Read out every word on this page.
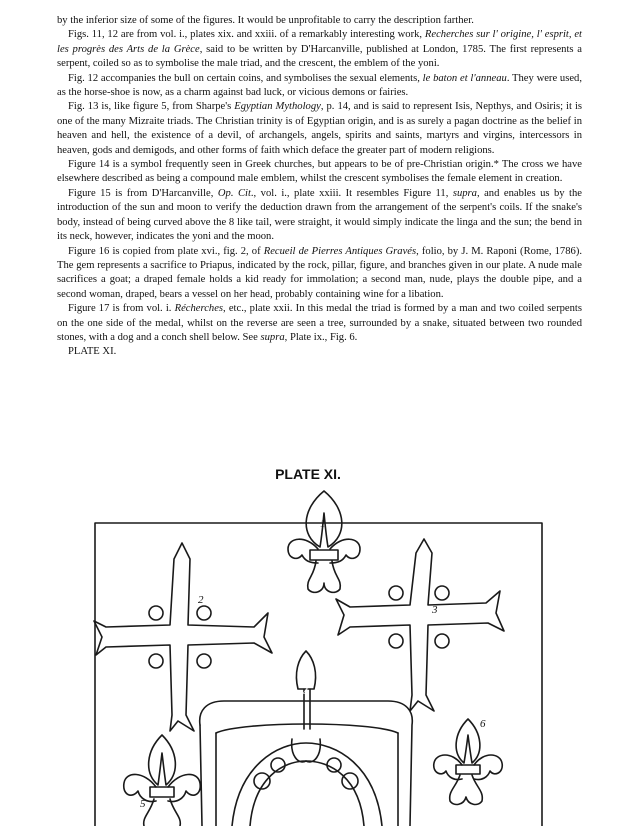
by the inferior size of some of the figures. It would be unprofitable to carry the description farther.

Figs. 11, 12 are from vol. i., plates xix. and xxiii. of a remarkably interesting work, Recherches sur l' origine, l' esprit, et les progrès des Arts de la Grèce, said to be written by D'Harcanville, published at London, 1785. The first represents a serpent, coiled so as to symbolise the male triad, and the crescent, the emblem of the yoni.

Fig. 12 accompanies the bull on certain coins, and symbolises the sexual elements, le baton et l'anneau. They were used, as the horse-shoe is now, as a charm against bad luck, or vicious demons or fairies.

Fig. 13 is, like figure 5, from Sharpe's Egyptian Mythology, p. 14, and is said to represent Isis, Nepthys, and Osiris; it is one of the many Mizraite triads. The Christian trinity is of Egyptian origin, and is as surely a pagan doctrine as the belief in heaven and hell, the existence of a devil, of archangels, angels, spirits and saints, martyrs and virgins, intercessors in heaven, gods and demigods, and other forms of faith which deface the greater part of modern religions.

Figure 14 is a symbol frequently seen in Greek churches, but appears to be of pre-Christian origin.* The cross we have elsewhere described as being a compound male emblem, whilst the crescent symbolises the female element in creation.

Figure 15 is from D'Harcanville, Op. Cit., vol. i., plate xxiii. It resembles Figure 11, supra, and enables us by the introduction of the sun and moon to verify the deduction drawn from the arrangement of the serpent's coils. If the snake's body, instead of being curved above the 8 like tail, were straight, it would simply indicate the linga and the sun; the bend in its neck, however, indicates the yoni and the moon.

Figure 16 is copied from plate xvi., fig. 2, of Recueil de Pierres Antiques Gravés, folio, by J. M. Raponi (Rome, 1786). The gem represents a sacrifice to Priapus, indicated by the rock, pillar, figure, and branches given in our plate. A nude male sacrifices a goat; a draped female holds a kid ready for immolation; a second man, nude, plays the double pipe, and a second woman, draped, bears a vessel on her head, probably containing wine for a libation.

Figure 17 is from vol. i. Récherches, etc., plate xxii. In this medal the triad is formed by a man and two coiled serpents on the one side of the medal, whilst on the reverse are seen a tree, surrounded by a snake, situated between two rounded stones, with a dog and a conch shell below. See supra, Plate ix., Fig. 6.

PLATE XI.

PLATE XI.
1
2
3
4
5
6
